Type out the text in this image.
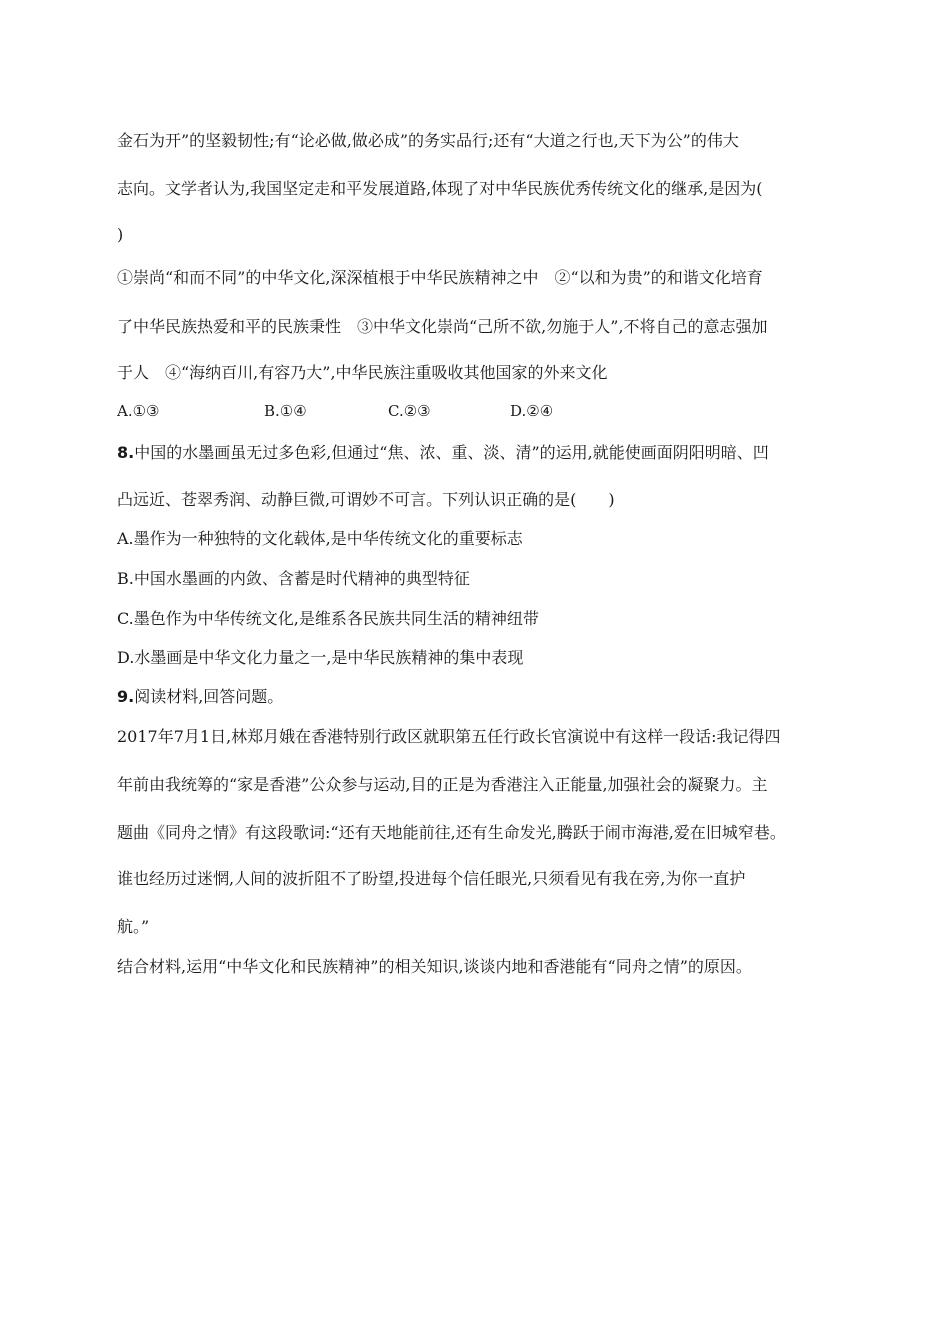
金石为开”的坚毅韧性;有“论必做,做必成”的务实品行;还有“大道之行也,天下为公”的伟大
志向。文学者认为,我国坚定走和平发展道路,体现了对中华民族优秀传统文化的继承,是因为(
)
①崇尚“和而不同”的中华文化,深深植根于中华民族精神之中　②“以和为贵”的和谐文化培育
了中华民族热爱和平的民族秉性　③中华文化崇尚“己所不欲,勿施于人”,不将自己的意志强加
于人　④“海纳百川,有容乃大”,中华民族注重吸收其他国家的外来文化
A.①③	B.①④	C.②③	D.②④
8.中国的水墨画虽无过多色彩,但通过“焦、浓、重、淡、清”的运用,就能使画面阴阳明暗、凹
凸远近、苍翠秀润、动静巨微,可谓妙不可言。下列认识正确的是(　　)
A.墨作为一种独特的文化载体,是中华传统文化的重要标志
B.中国水墨画的内敛、含蓄是时代精神的典型特征
C.墨色作为中华传统文化,是维系各民族共同生活的精神纽带
D.水墨画是中华文化力量之一,是中华民族精神的集中表现
9.阅读材料,回答问题。
2017年7月1日,林郑月娥在香港特别行政区就职第五任行政长官演说中有这样一段话:我记得四
年前由我统筹的“家是香港”公众参与运动,目的正是为香港注入正能量,加强社会的凝聚力。主
题曲《同舟之情》有这段歌词:“还有天地能前往,还有生命发光,腾跃于闹市海港,爱在旧城窄巷。
谁也经历过迷惘,人间的波折阻不了盼望,投进每个信任眼光,只须看见有我在旁,为你一直护
航。”
结合材料,运用“中华文化和民族精神”的相关知识,谈谈内地和香港能有“同舟之情”的原因。
